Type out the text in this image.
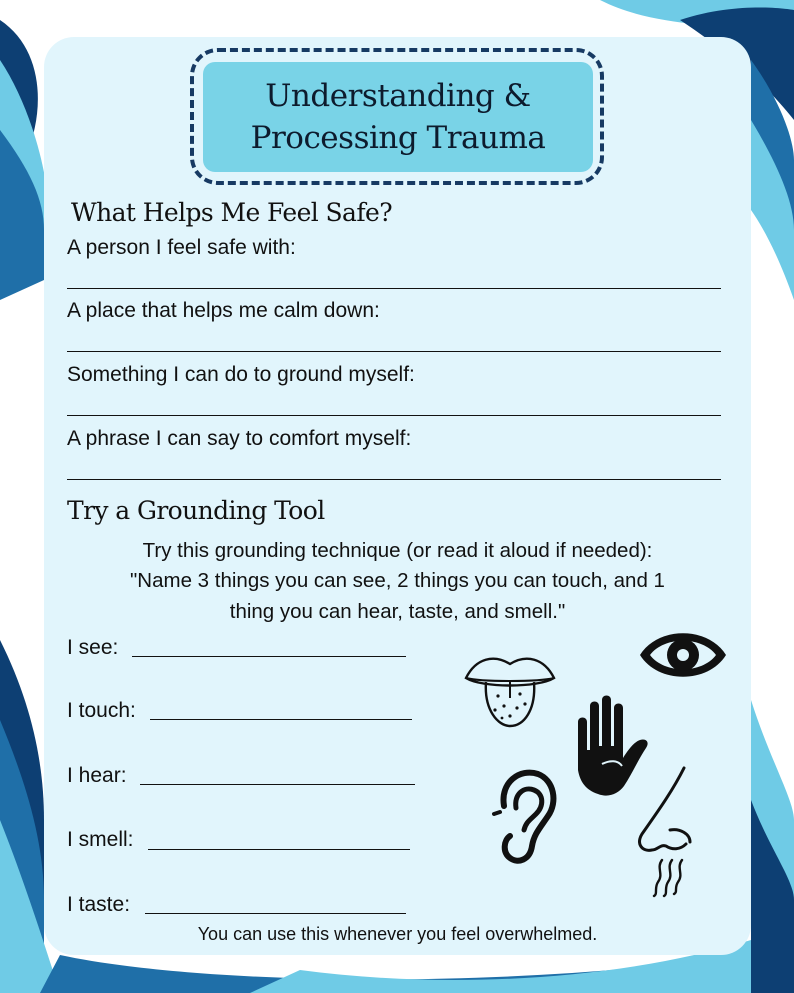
Understanding &
Processing Trauma
What Helps Me Feel Safe?
A person I feel safe with:
A place that helps me calm down:
Something I can do to ground myself:
A phrase I can say to comfort myself:
Try a Grounding Tool
Try this grounding technique (or read it aloud if needed):
"Name 3 things you can see, 2 things you can touch, and 1
thing you can hear, taste, and smell."
I see:
I touch:
I hear:
I smell:
I taste:
You can use this whenever you feel overwhelmed.
